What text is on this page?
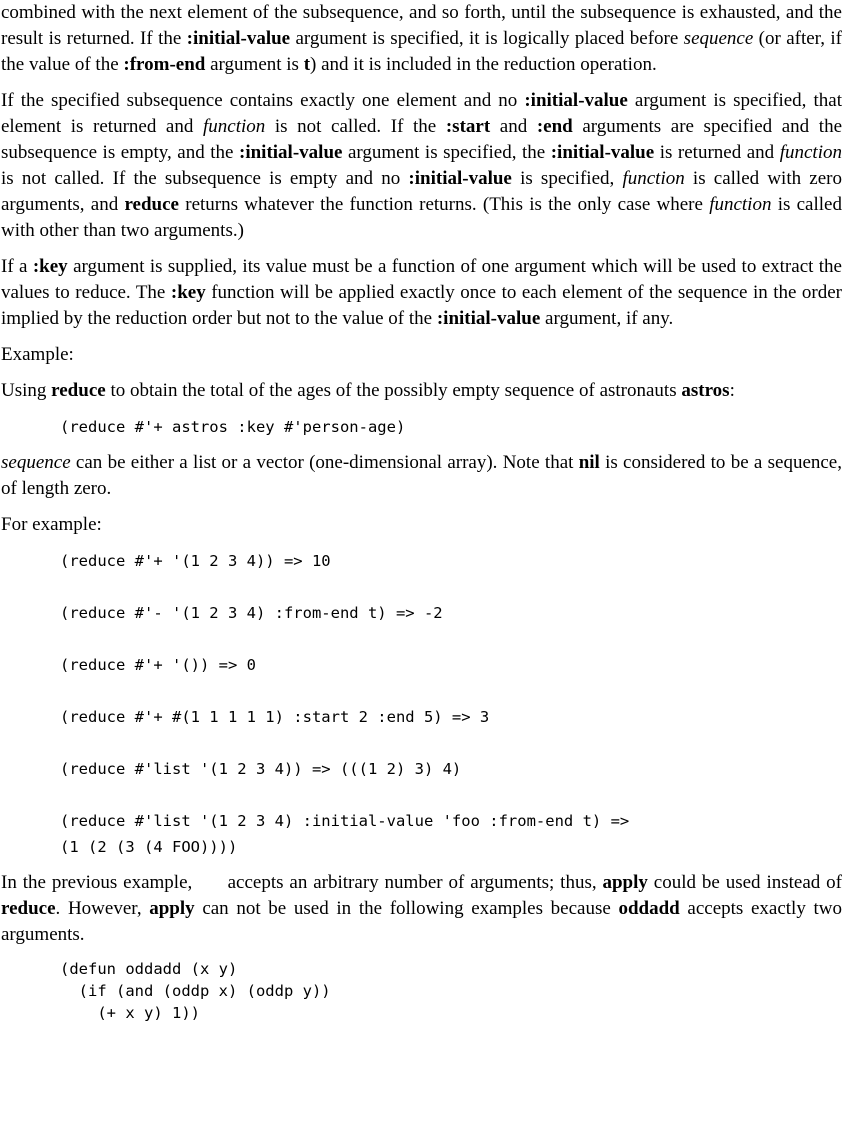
combined with the next element of the subsequence, and so forth, until the subsequence is exhausted, and the result is returned. If the :initial-value argument is specified, it is logically placed before sequence (or after, if the value of the :from-end argument is t) and it is included in the reduction operation.

If the specified subsequence contains exactly one element and no :initial-value argument is specified, that element is returned and function is not called. If the :start and :end arguments are specified and the subsequence is empty, and the :initial-value argument is specified, the :initial-value is returned and function is not called. If the subsequence is empty and no :initial-value is specified, function is called with zero arguments, and reduce returns whatever the function returns. (This is the only case where function is called with other than two arguments.)

If a :key argument is supplied, its value must be a function of one argument which will be used to extract the values to reduce. The :key function will be applied exactly once to each element of the sequence in the order implied by the reduction order but not to the value of the :initial-value argument, if any.

Example:

Using reduce to obtain the total of the ages of the possibly empty sequence of astronauts astros:

(reduce #'+ astros :key #'person-age)

sequence can be either a list or a vector (one-dimensional array). Note that nil is considered to be a sequence, of length zero.

For example:

(reduce #'+ '(1 2 3 4)) => 10

(reduce #'- '(1 2 3 4) :from-end t) => -2

(reduce #'+ '()) => 0

(reduce #'+ #(1 1 1 1 1) :start 2 :end 5) => 3

(reduce #'list '(1 2 3 4)) => (((1 2) 3) 4)

(reduce #'list '(1 2 3 4) :initial-value 'foo :from-end t) =>
(1 (2 (3 (4 FOO))))

In the previous example,      accepts an arbitrary number of arguments; thus, apply could be used instead of reduce. However, apply can not be used in the following examples because oddadd accepts exactly two arguments.

(defun oddadd (x y)
(if (and (oddp x) (oddp y))
(+ x y) 1))
